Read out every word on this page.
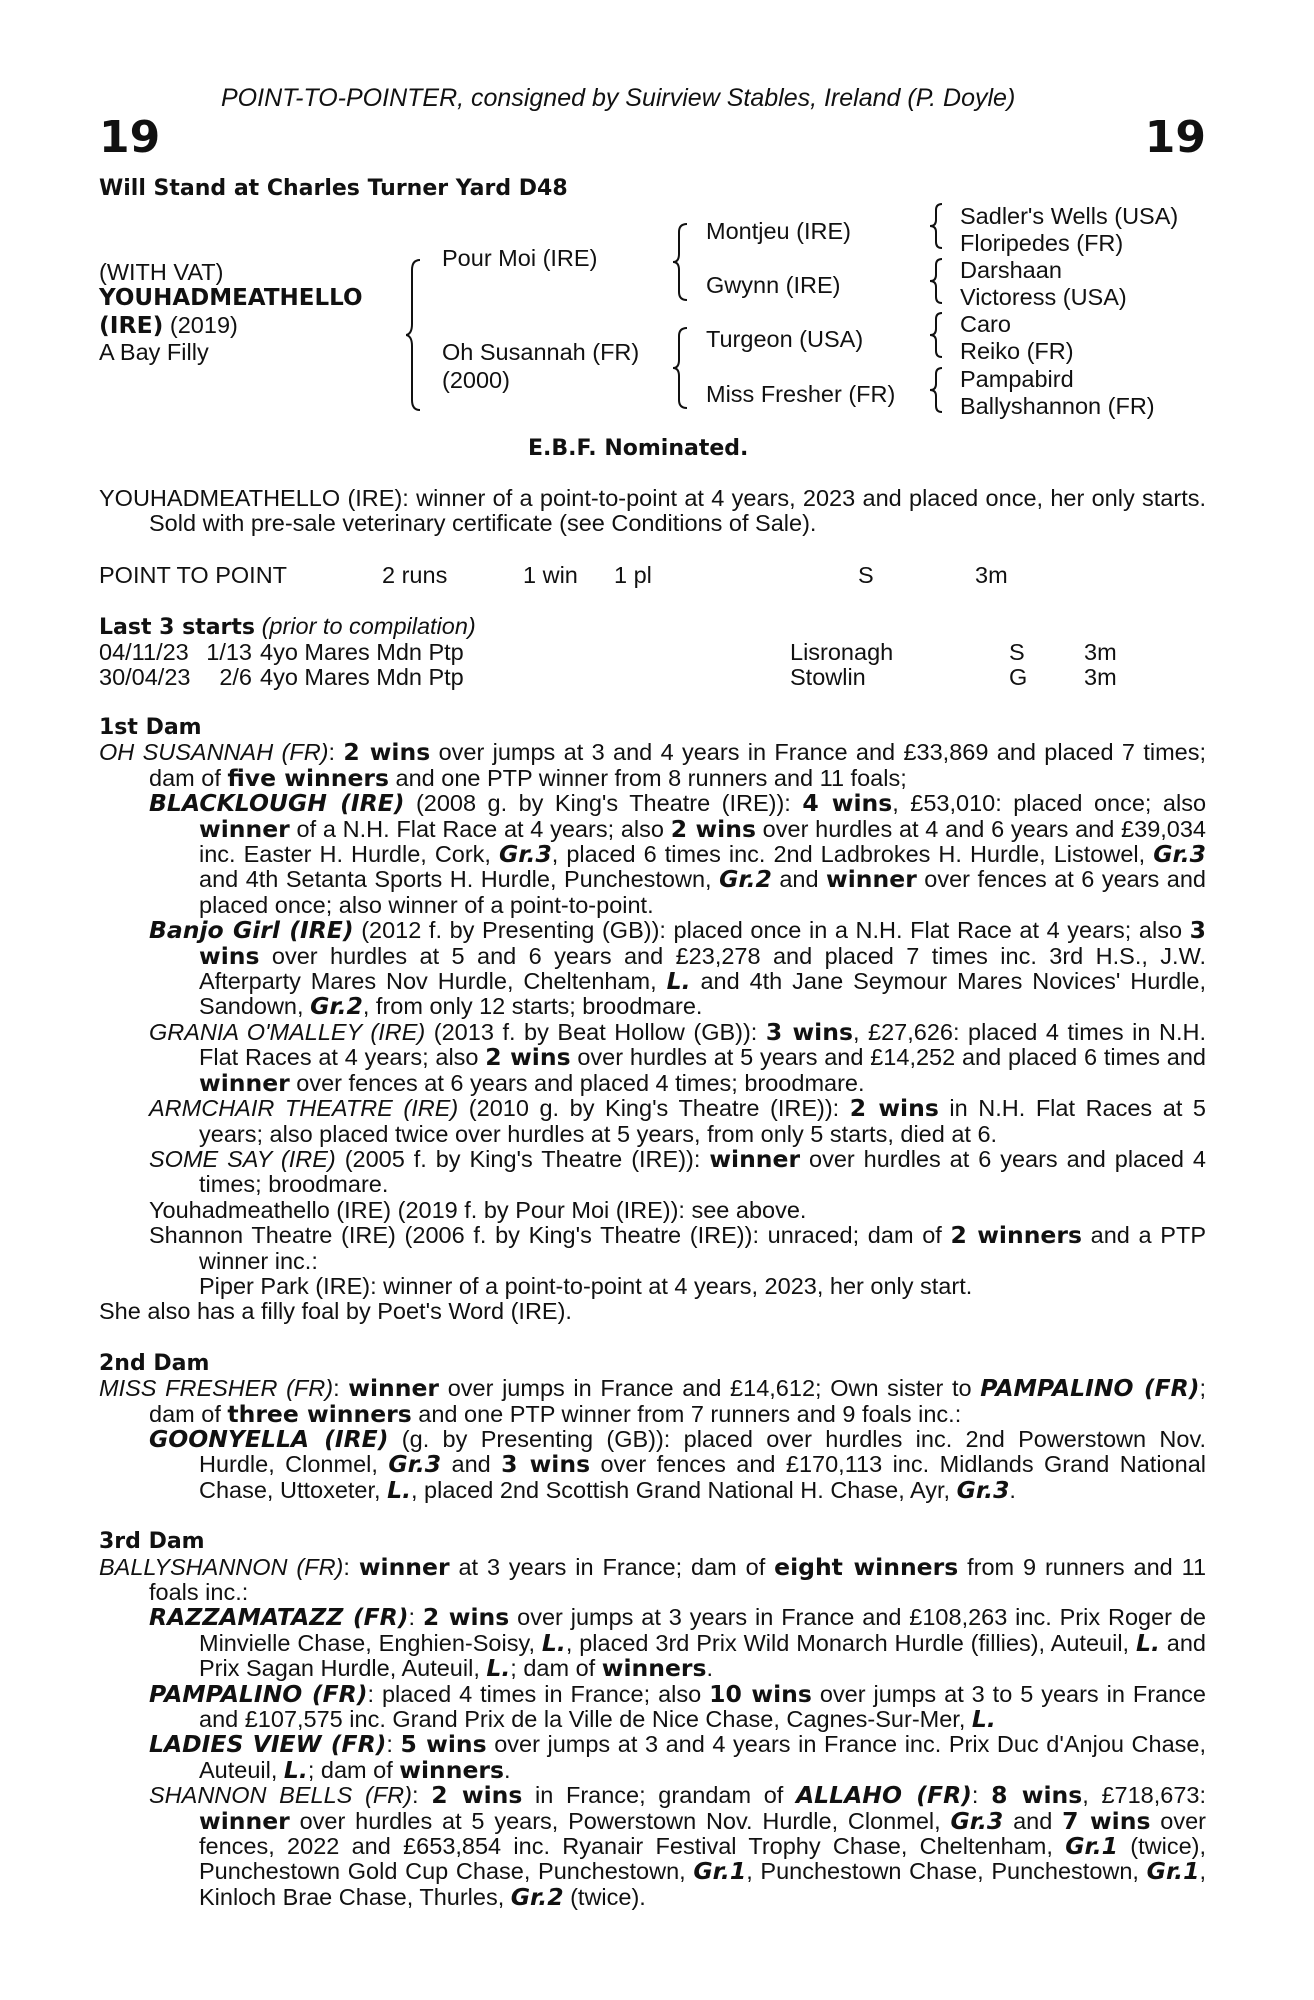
POINT-TO-POINTER, consigned by Suirview Stables, Ireland (P. Doyle)
19	19
Will Stand at Charles Turner Yard D48
(WITH VAT)
YOUHADMEATHELLO
(IRE) (2019)
A Bay Filly
Pour Moi (IRE)
Oh Susannah (FR)
(2000)
Montjeu (IRE)
Gwynn (IRE)
Turgeon (USA)
Miss Fresher (FR)
Sadler's Wells (USA)
Floripedes (FR)
Darshaan
Victoress (USA)
Caro
Reiko (FR)
Pampabird
Ballyshannon (FR)
E.B.F. Nominated.

YOUHADMEATHELLO (IRE): winner of a point-to-point at 4 years, 2023 and placed once, her only starts. Sold with pre-sale veterinary certificate (see Conditions of Sale).

POINT TO POINT	2 runs	1 win 1 pl	S	3m
Last 3 starts (prior to compilation)
04/11/23	1/13	4yo Mares Mdn Ptp	Lisronagh	S	3m
30/04/23	2/6	4yo Mares Mdn Ptp	Stowlin	G	3m

1st Dam

OH SUSANNAH (FR): 2 wins over jumps at 3 and 4 years in France and £33,869 and placed 7 times; dam of five winners and one PTP winner from 8 runners and 11 foals;

BLACKLOUGH (IRE) (2008 g. by King's Theatre (IRE)): 4 wins, £53,010: placed once; also winner of a N.H. Flat Race at 4 years; also 2 wins over hurdles at 4 and 6 years and £39,034 inc. Easter H. Hurdle, Cork, Gr.3, placed 6 times inc. 2nd Ladbrokes H. Hurdle, Listowel, Gr.3 and 4th Setanta Sports H. Hurdle, Punchestown, Gr.2 and winner over fences at 6 years and placed once; also winner of a point-to-point.

Banjo Girl (IRE) (2012 f. by Presenting (GB)): placed once in a N.H. Flat Race at 4 years; also 3 wins over hurdles at 5 and 6 years and £23,278 and placed 7 times inc. 3rd H.S., J.W. Afterparty Mares Nov Hurdle, Cheltenham, L. and 4th Jane Seymour Mares Novices' Hurdle, Sandown, Gr.2, from only 12 starts; broodmare.

GRANIA O'MALLEY (IRE) (2013 f. by Beat Hollow (GB)): 3 wins, £27,626: placed 4 times in N.H. Flat Races at 4 years; also 2 wins over hurdles at 5 years and £14,252 and placed 6 times and winner over fences at 6 years and placed 4 times; broodmare.

ARMCHAIR THEATRE (IRE) (2010 g. by King's Theatre (IRE)): 2 wins in N.H. Flat Races at 5 years; also placed twice over hurdles at 5 years, from only 5 starts, died at 6.

SOME SAY (IRE) (2005 f. by King's Theatre (IRE)): winner over hurdles at 6 years and placed 4 times; broodmare.

Youhadmeathello (IRE) (2019 f. by Pour Moi (IRE)): see above.

Shannon Theatre (IRE) (2006 f. by King's Theatre (IRE)): unraced; dam of 2 winners and a PTP winner inc.:

Piper Park (IRE): winner of a point-to-point at 4 years, 2023, her only start.

She also has a filly foal by Poet's Word (IRE).

2nd Dam

MISS FRESHER (FR): winner over jumps in France and £14,612; Own sister to PAMPALINO (FR); dam of three winners and one PTP winner from 7 runners and 9 foals inc.:

GOONYELLA (IRE) (g. by Presenting (GB)): placed over hurdles inc. 2nd Powerstown Nov. Hurdle, Clonmel, Gr.3 and 3 wins over fences and £170,113 inc. Midlands Grand National Chase, Uttoxeter, L., placed 2nd Scottish Grand National H. Chase, Ayr, Gr.3.

3rd Dam

BALLYSHANNON (FR): winner at 3 years in France; dam of eight winners from 9 runners and 11 foals inc.:

RAZZAMATAZZ (FR): 2 wins over jumps at 3 years in France and £108,263 inc. Prix Roger de Minvielle Chase, Enghien-Soisy, L., placed 3rd Prix Wild Monarch Hurdle (fillies), Auteuil, L. and Prix Sagan Hurdle, Auteuil, L.; dam of winners.

PAMPALINO (FR): placed 4 times in France; also 10 wins over jumps at 3 to 5 years in France and £107,575 inc. Grand Prix de la Ville de Nice Chase, Cagnes-Sur-Mer, L.

LADIES VIEW (FR): 5 wins over jumps at 3 and 4 years in France inc. Prix Duc d'Anjou Chase, Auteuil, L.; dam of winners.

SHANNON BELLS (FR): 2 wins in France; grandam of ALLAHO (FR): 8 wins, £718,673: winner over hurdles at 5 years, Powerstown Nov. Hurdle, Clonmel, Gr.3 and 7 wins over fences, 2022 and £653,854 inc. Ryanair Festival Trophy Chase, Cheltenham, Gr.1 (twice), Punchestown Gold Cup Chase, Punchestown, Gr.1, Punchestown Chase, Punchestown, Gr.1, Kinloch Brae Chase, Thurles, Gr.2 (twice).
